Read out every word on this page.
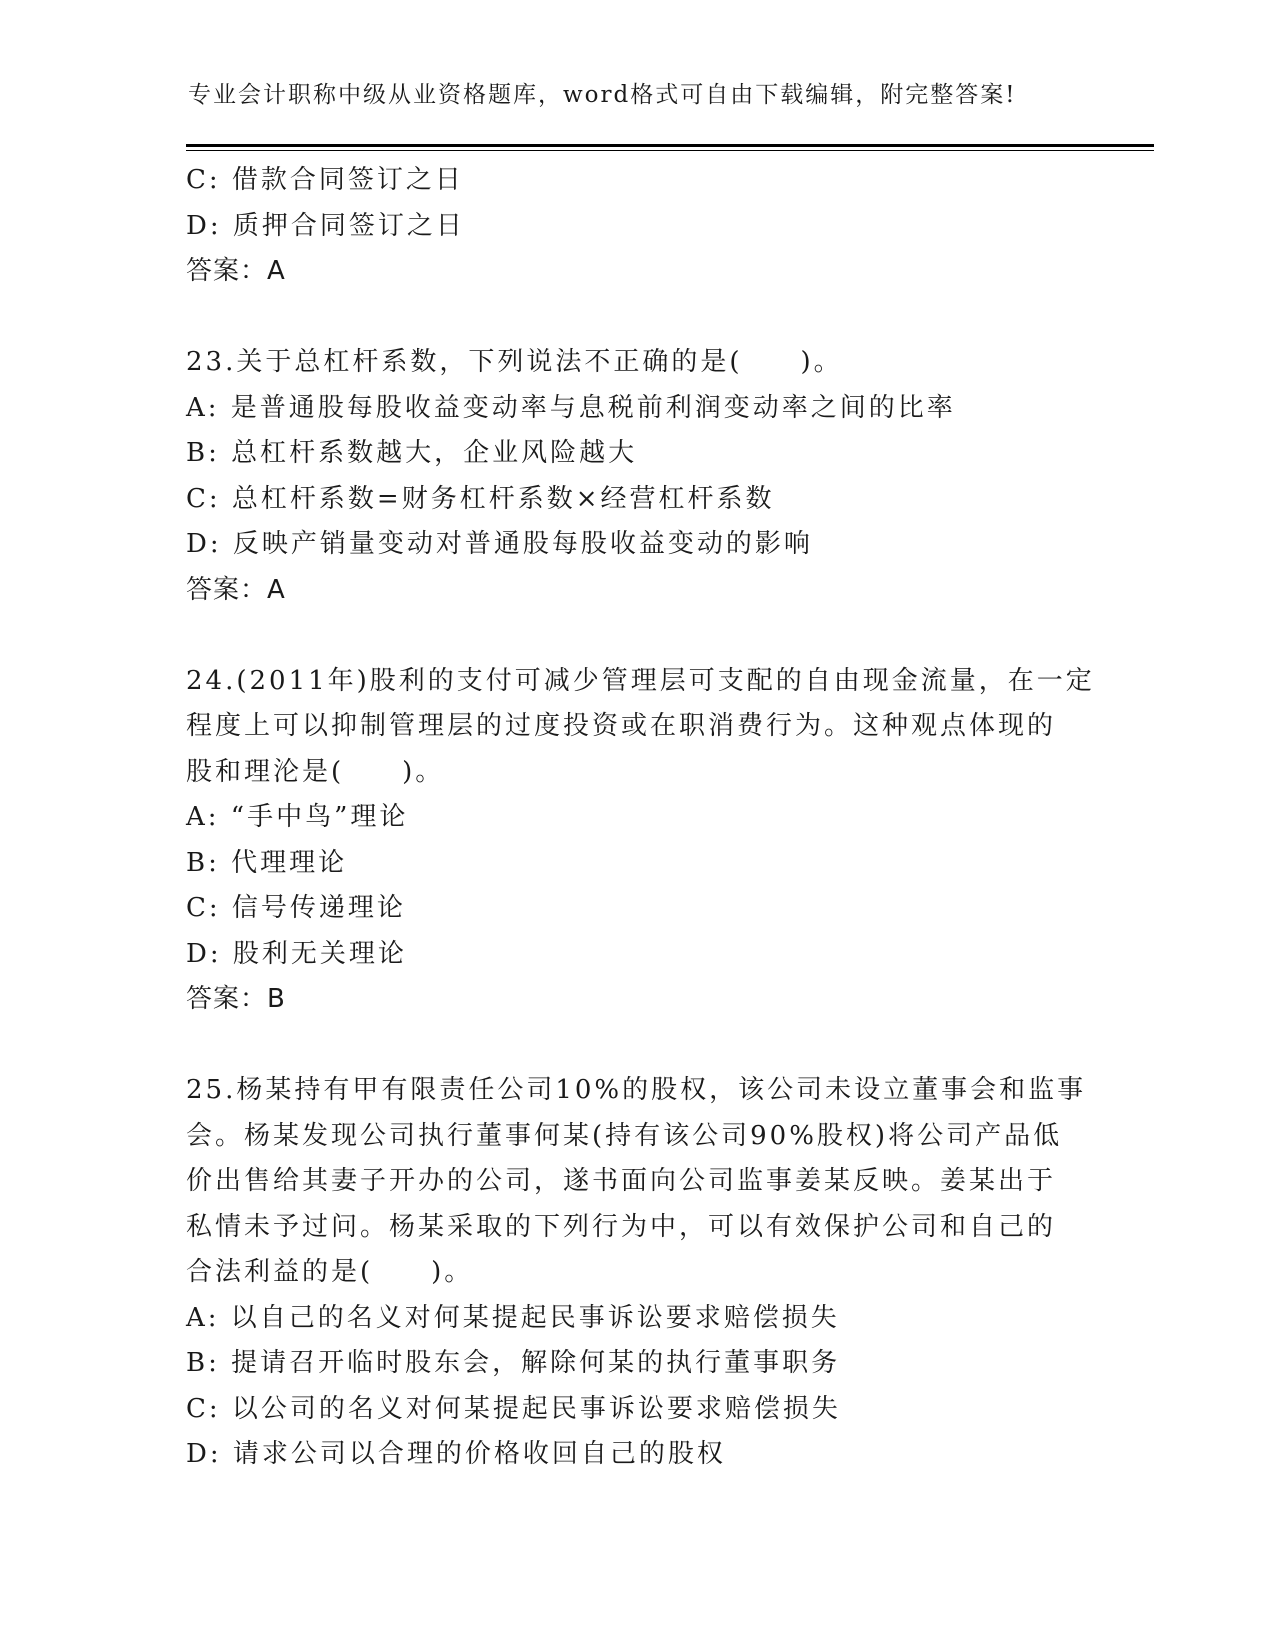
专业会计职称中级从业资格题库，word格式可自由下载编辑，附完整答案!
C: 借款合同签订之日
D: 质押合同签订之日
答案：A
23.关于总杠杆系数，下列说法不正确的是(　　)。
A: 是普通股每股收益变动率与息税前利润变动率之间的比率
B: 总杠杆系数越大，企业风险越大
C: 总杠杆系数=财务杠杆系数×经营杠杆系数
D: 反映产销量变动对普通股每股收益变动的影响
答案：A
24.(2011年)股利的支付可减少管理层可支配的自由现金流量，在一定
程度上可以抑制管理层的过度投资或在职消费行为。这种观点体现的
股和理沦是(　　)。
A: “手中鸟”理论
B: 代理理论
C: 信号传递理论
D: 股利无关理论
答案：B
25.杨某持有甲有限责任公司10%的股权，该公司未设立董事会和监事
会。杨某发现公司执行董事何某(持有该公司90%股权)将公司产品低
价出售给其妻子开办的公司，遂书面向公司监事姜某反映。姜某出于
私情未予过问。杨某采取的下列行为中，可以有效保护公司和自己的
合法利益的是(　　)。
A: 以自己的名义对何某提起民事诉讼要求赔偿损失
B: 提请召开临时股东会，解除何某的执行董事职务
C: 以公司的名义对何某提起民事诉讼要求赔偿损失
D: 请求公司以合理的价格收回自己的股权
